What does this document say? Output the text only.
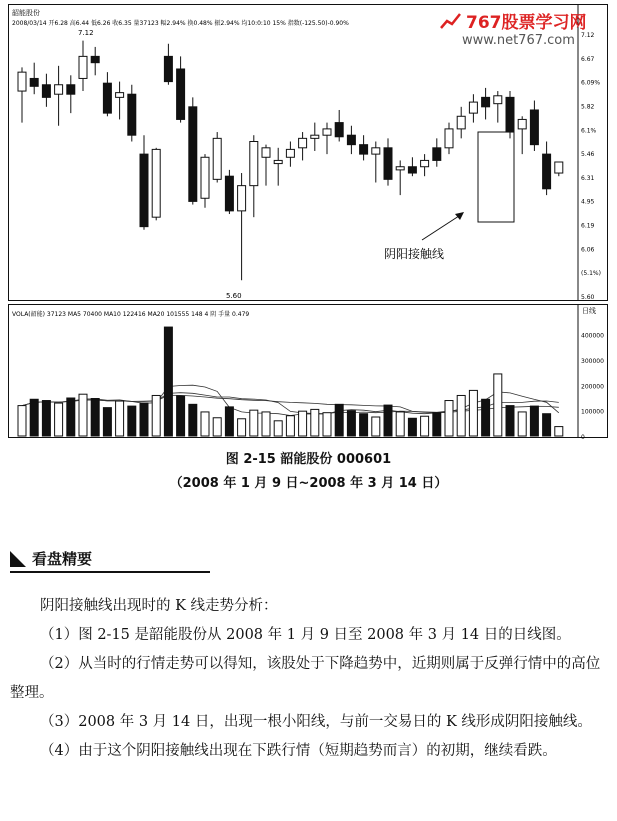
韶能股份
2008/03/14 开6.28 高6.44 低6.26 收6.35 量37123 幅2.94% 换0.48% 振2.94% 均10:0:10 15% 指数(-125.50)-0.90%
VOLA(韶能) 37123 MA5 70400 MA10 122416 MA20 101555 148 4 阴 手量 0.479
7.12
6.67
6.09%
5.82
6.1%
5.46
6.31
4.95
6.19
6.06
(5.1%)
5.60
400000
300000
200000
100000
0
7.12
5.60
阴阳接触线
日线
767股票学习网
www.net767.com
图 2-15 韶能股份 000601
（2008 年 1 月 9 日~2008 年 3 月 14 日）
看盘精要

阴阳接触线出现时的 K 线走势分析：

（1）图 2-15 是韶能股份从 2008 年 1 月 9 日至 2008 年 3 月 14 日的日线图。

（2）从当时的行情走势可以得知，该股处于下降趋势中，近期则属于反弹行情中的高位整理。

（3）2008 年 3 月 14 日，出现一根小阳线，与前一交易日的 K 线形成阴阳接触线。

（4）由于这个阴阳接触线出现在下跌行情（短期趋势而言）的初期，继续看跌。
